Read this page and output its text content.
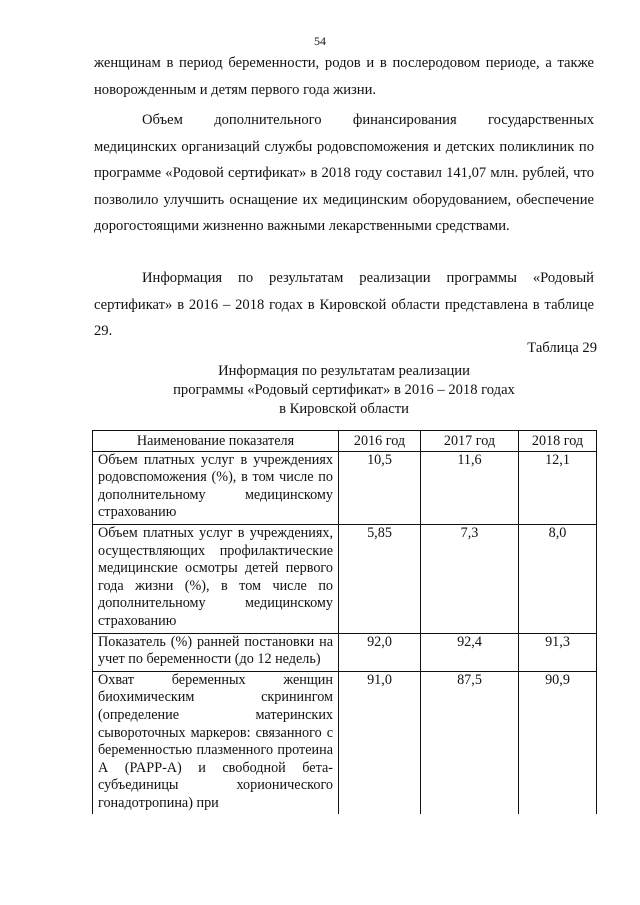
54

женщинам в период беременности, родов и в послеродовом периоде, а также новорожденным и детям первого года жизни.

Объем дополнительного финансирования государственных медицинских организаций службы родовспоможения и детских поликлиник по программе «Родовой сертификат» в 2018 году составил 141,07 млн. рублей, что позволило улучшить оснащение их медицинским оборудованием, обеспечение дорогостоящими жизненно важными лекарственными средствами.

Информация по результатам реализации программы «Родовый сертификат» в 2016 – 2018 годах в Кировской области представлена в таблице 29.

Таблица 29

Информация по результатам реализации
программы «Родовый сертификат» в 2016 – 2018 годах
в Кировской области

Наименование показателя	2016 год	2017 год	2018 год
Объем платных услуг в учреждениях родовспоможения (%), в том числе по дополнительному медицинскому страхованию	10,5	11,6	12,1
Объем платных услуг в учреждениях, осуществляющих профилактические медицинские осмотры детей первого года жизни (%), в том числе по дополнительному медицинскому страхованию	5,85	7,3	8,0
Показатель (%) ранней постановки на учет по беременности (до 12 недель)	92,0	92,4	91,3
Охват беременных женщин биохимическим скринингом (определение материнских сывороточных маркеров: связанного с беременностью плазменного протеина А (PAPP-A) и свободной бета-субъединицы хорионического гонадотропина) при	91,0	87,5	90,9
